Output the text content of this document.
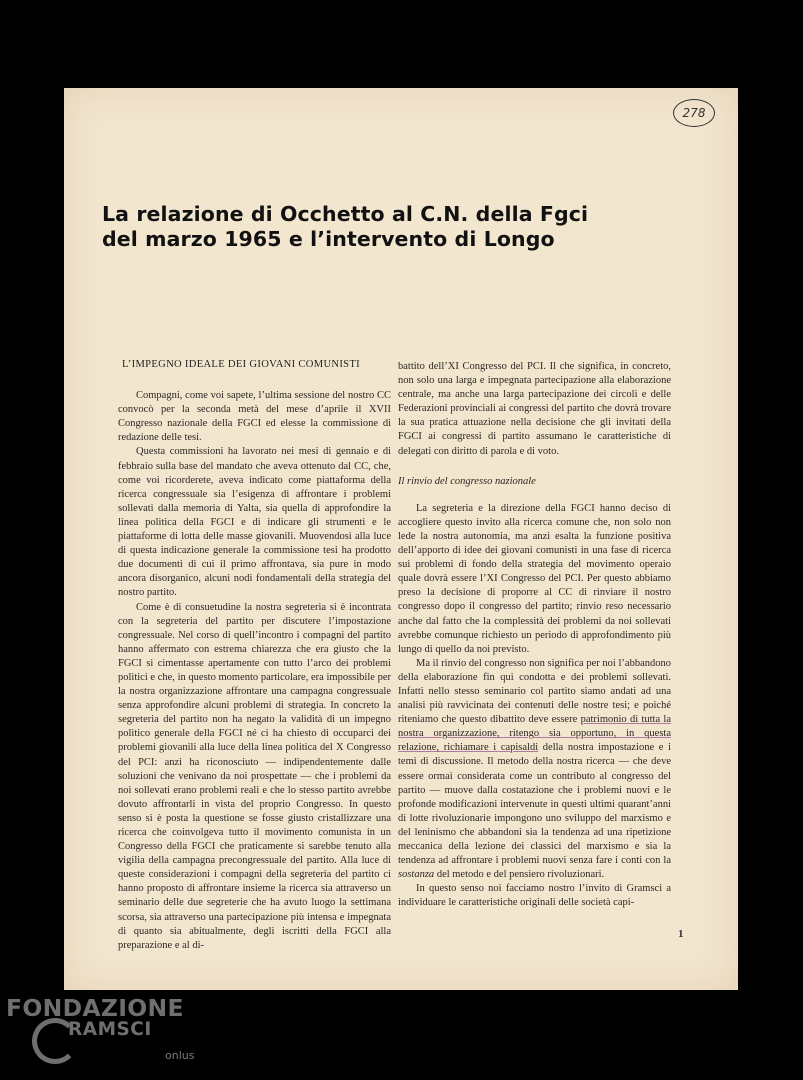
278
La relazione di Occhetto al C.N. della Fgci
del marzo 1965 e l’intervento di Longo
L’IMPEGNO IDEALE DEI GIOVANI COMUNISTI

Compagni, come voi sapete, l’ultima sessione del nostro CC convocò per la seconda metà del mese d’aprile il XVII Congresso nazionale della FGCI ed elesse la commissione di redazione delle tesi.

Questa commissioni ha lavorato nei mesi di gennaio e di febbraio sulla base del mandato che aveva ottenuto dal CC, che, come voi ricorderete, aveva indicato come piattaforma della ricerca congressuale sia l’esigenza di affrontare i problemi sollevati dalla memoria di Yalta, sia quella di approfondire la linea politica della FGCI e di indicare gli strumenti e le piattaforme di lotta delle masse giovanili. Muovendosi alla luce di questa indicazione generale la commissione tesi ha prodotto due documenti di cui il primo affrontava, sia pure in modo ancora disorganico, alcuni nodi fondamentali della strategia del nostro partito.

Come è di consuetudine la nostra segreteria si è incontrata con la segreteria del partito per discutere l’impostazione congressuale. Nel corso di quell’incontro i compagni del partito hanno affermato con estrema chiarezza che era giusto che la FGCI si cimentasse apertamente con tutto l’arco dei problemi politici e che, in questo momento particolare, era impossibile per la nostra organizzazione affrontare una campagna congressuale senza approfondire alcuni problemi di strategia. In concreto la segreteria del partito non ha negato la validità di un impegno politico generale della FGCI né ci ha chiesto di occuparci dei problemi giovanili alla luce della linea politica del X Congresso del PCI: anzi ha riconosciuto — indipendentemente dalle soluzioni che venivano da noi prospettate — che i problemi da noi sollevati erano problemi reali e che lo stesso partito avrebbe dovuto affrontarli in vista del proprio Congresso. In questo senso si è posta la questione se fosse giusto cristallizzare una ricerca che coinvolgeva tutto il movimento comunista in un Congresso della FGCI che praticamente si sarebbe tenuto alla vigilia della campagna precongressuale del partito. Alla luce di queste considerazioni i compagni della segreteria del partito ci hanno proposto di affrontare insieme la ricerca sia attraverso un seminario delle due segreterie che ha avuto luogo la settimana scorsa, sia attraverso una partecipazione più intensa e impegnata di quanto sia abitualmente, degli iscritti della FGCI alla preparazione e al di-

battito dell’XI Congresso del PCI. Il che significa, in concreto, non solo una larga e impegnata partecipazione alla elaborazione centrale, ma anche una larga partecipazione dei circoli e delle Federazioni provinciali ai congressi del partito che dovrà trovare la sua pratica attuazione nella decisione che gli invitati della FGCI ai congressi di partito assumano le caratteristiche di delegati con diritto di parola e di voto.

Il rinvio del congresso nazionale

La segreteria e la direzione della FGCI hanno deciso di accogliere questo invito alla ricerca comune che, non solo non lede la nostra autonomia, ma anzi esalta la funzione positiva dell’apporto di idee dei giovani comunisti in una fase di ricerca sui problemi di fondo della strategia del movimento operaio quale dovrà essere l’XI Congresso del PCI. Per questo abbiamo preso la decisione di proporre al CC di rinviare il nostro congresso dopo il congresso del partito; rinvio reso necessario anche dal fatto che la complessità dei problemi da noi sollevati avrebbe comunque richiesto un periodo di approfondimento più lungo di quello da noi previsto.

Ma il rinvio del congresso non significa per noi l’abbandono della elaborazione fin qui condotta e dei problemi sollevati. Infatti nello stesso seminario col partito siamo andati ad una analisi più ravvicinata dei contenuti delle nostre tesi; e poiché riteniamo che questo dibattito deve essere patrimonio di tutta la nostra organizzazione, ritengo sia opportuno, in questa relazione, richiamare i capisaldi della nostra impostazione e i temi di discussione. Il metodo della nostra ricerca — che deve essere ormai considerata come un contributo al congresso del partito — muove dalla costatazione che i problemi nuovi e le profonde modificazioni intervenute in questi ultimi quarant’anni di lotte rivoluzionarie impongono uno sviluppo del marxismo e del leninismo che abbandoni sia la tendenza ad una ripetizione meccanica della lezione dei classici del marxismo e sia la tendenza ad affrontare i problemi nuovi senza fare i conti con la sostanza del metodo e del pensiero rivoluzionari.

In questo senso noi facciamo nostro l’invito di Gramsci a individuare le caratteristiche originali delle società capi-

1
FONDAZIONE
RAMSCI
onlus
